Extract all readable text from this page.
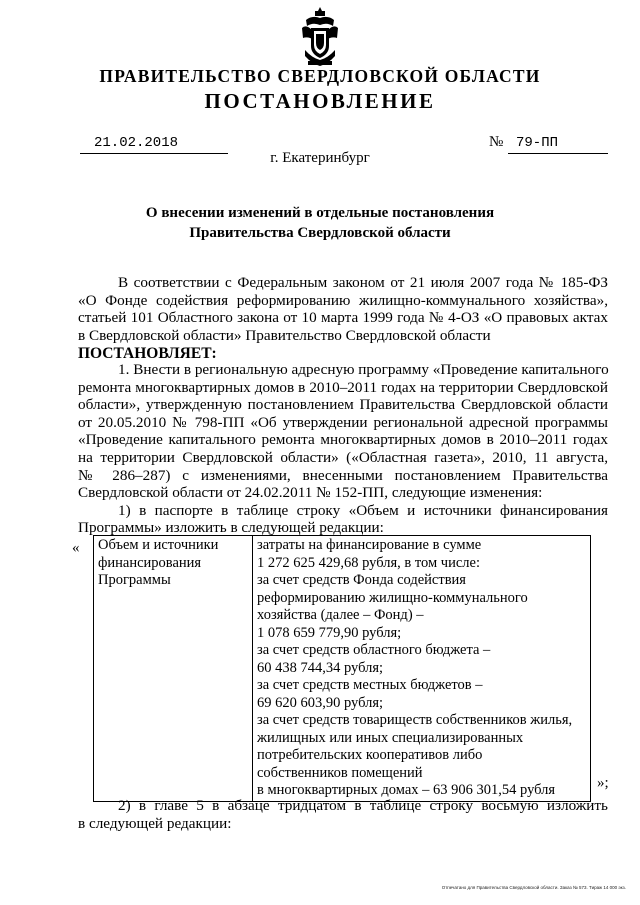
ПРАВИТЕЛЬСТВО СВЕРДЛОВСКОЙ ОБЛАСТИ
ПОСТАНОВЛЕНИЕ
21.02.2018	№ 79-ПП
г. Екатеринбург
О внесении изменений в отдельные постановления
Правительства Свердловской области
В соответствии с Федеральным законом от 21 июля 2007 года № 185-ФЗ
«О Фонде содействия реформированию жилищно-коммунального хозяйства»,
статьей 101 Областного закона от 10 марта 1999 года № 4-ОЗ «О правовых актах
в Свердловской области» Правительство Свердловской области
ПОСТАНОВЛЯЕТ:
1. Внести в региональную адресную программу «Проведение капитального
ремонта многоквартирных домов в 2010–2011 годах на территории Свердловской
области», утвержденную постановлением Правительства Свердловской области
от 20.05.2010 № 798-ПП «Об утверждении региональной адресной программы
«Проведение капитального ремонта многоквартирных домов в 2010–2011 годах
на территории Свердловской области» («Областная газета», 2010, 11 августа,
№ 286–287) с изменениями, внесенными постановлением Правительства
Свердловской области от 24.02.2011 № 152-ПП, следующие изменения:
1) в паспорте в таблице строку «Объем и источники финансирования
Программы» изложить в следующей редакции:
« Объем и источники
финансирования
Программы

затраты на финансирование в сумме
1 272 625 429,68 рубля, в том числе:
за счет средств Фонда содействия
реформированию жилищно-коммунального
хозяйства (далее – Фонд) –
1 078 659 779,90 рубля;
за счет средств областного бюджета –
60 438 744,34 рубля;
за счет средств местных бюджетов –
69 620 603,90 рубля;
за счет средств товариществ собственников жилья,
жилищных или иных специализированных
потребительских кооперативов либо
собственников помещений
в многоквартирных домах – 63 906 301,54 рубля	»;
2) в главе 5 в абзаце тридцатом в таблице строку восьмую изложить
в следующей редакции:
Отпечатано для Правительства Свердловской области. Заказ № 573. Тираж 14 000 экз.
